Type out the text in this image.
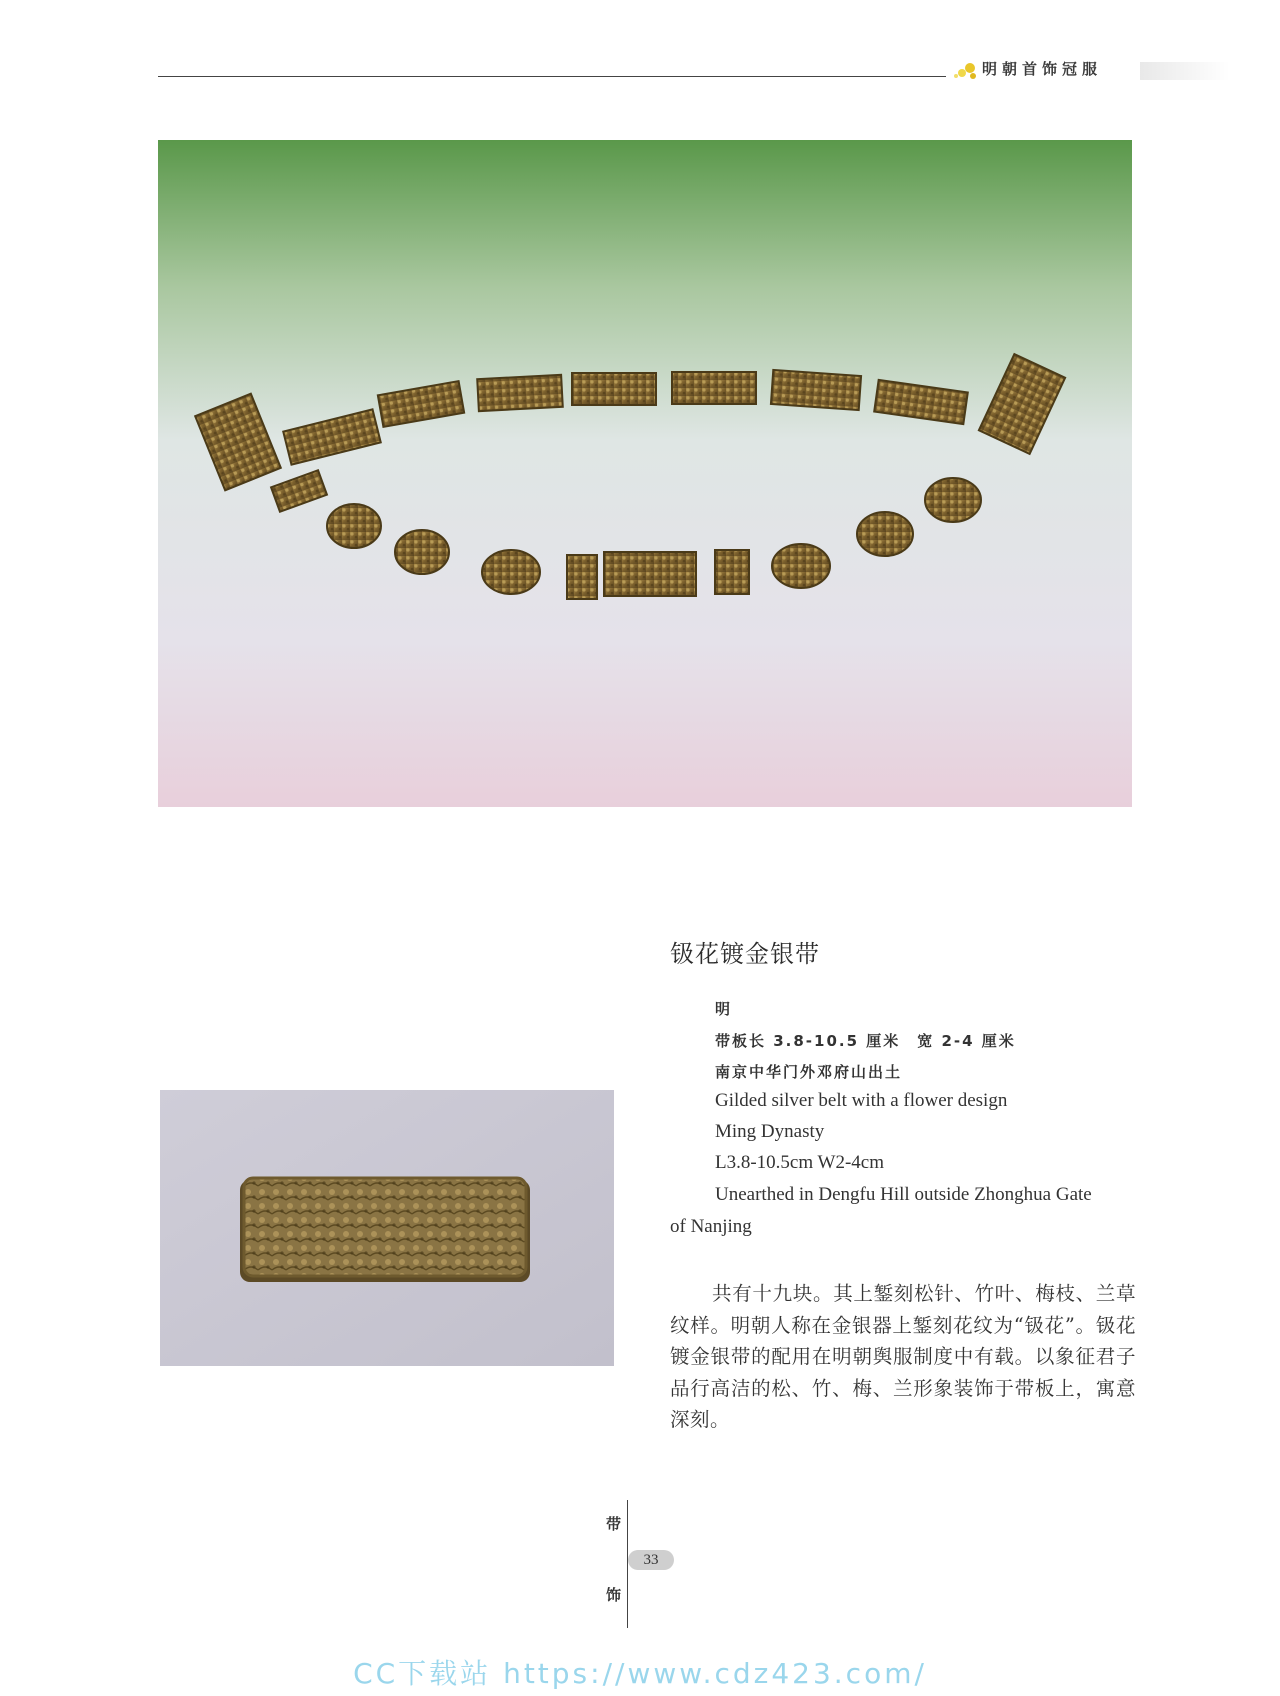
明朝首饰冠服
钑花镀金银带
明
带板长 3.8-10.5 厘米　宽 2-4 厘米
南京中华门外邓府山出土
Gilded silver belt with a flower design
Ming Dynasty
L3.8-10.5cm W2-4cm
Unearthed in Dengfu Hill outside Zhonghua Gate
of Nanjing
共有十九块。其上錾刻松针、竹叶、梅枝、兰草纹样。明朝人称在金银器上錾刻花纹为“钑花”。钑花镀金银带的配用在明朝舆服制度中有载。以象征君子品行高洁的松、竹、梅、兰形象装饰于带板上，寓意深刻。
带
饰
33
CC下载站 https://www.cdz423.com/
